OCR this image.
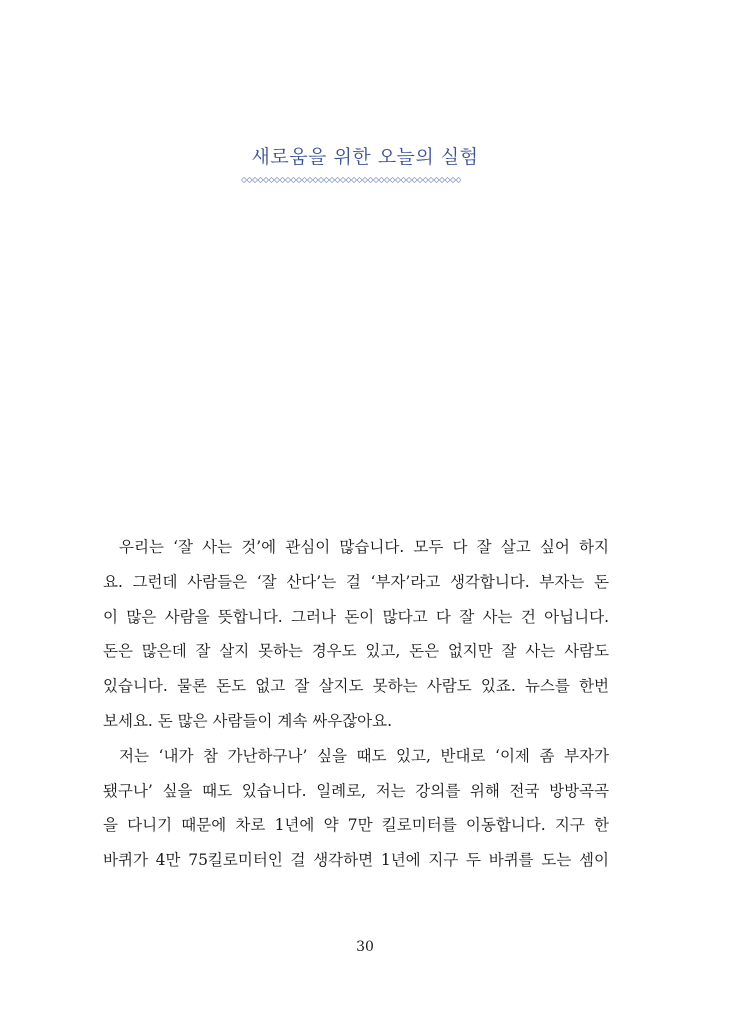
새로움을 위한 오늘의 실험
우리는 ‘잘 사는 것’에 관심이 많습니다. 모두 다 잘 살고 싶어 하지
요. 그런데 사람들은 ‘잘 산다’는 걸 ‘부자’라고 생각합니다. 부자는 돈
이 많은 사람을 뜻합니다. 그러나 돈이 많다고 다 잘 사는 건 아닙니다.
돈은 많은데 잘 살지 못하는 경우도 있고, 돈은 없지만 잘 사는 사람도
있습니다. 물론 돈도 없고 잘 살지도 못하는 사람도 있죠. 뉴스를 한번
보세요. 돈 많은 사람들이 계속 싸우잖아요.
저는 ‘내가 참 가난하구나’ 싶을 때도 있고, 반대로 ‘이제 좀 부자가
됐구나’ 싶을 때도 있습니다. 일례로, 저는 강의를 위해 전국 방방곡곡
을 다니기 때문에 차로 1년에 약 7만 킬로미터를 이동합니다. 지구 한
바퀴가 4만 75킬로미터인 걸 생각하면 1년에 지구 두 바퀴를 도는 셈이
30
